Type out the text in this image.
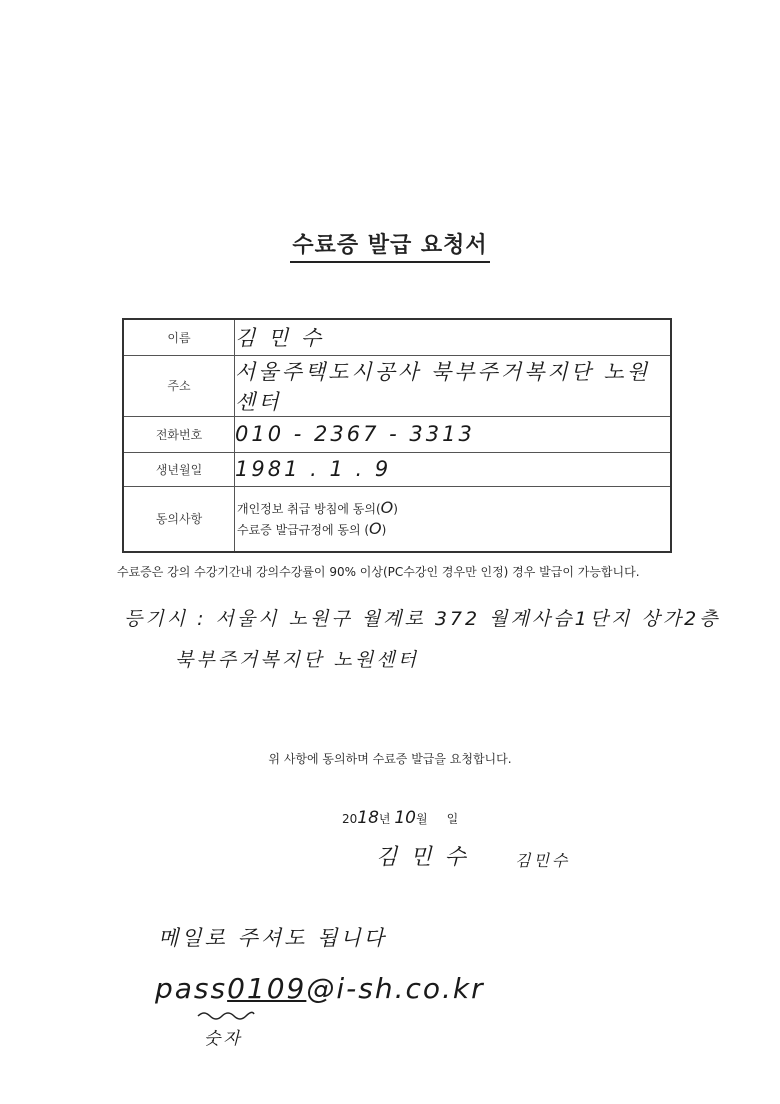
수료증 발급 요청서
이름	김 민 수
주소	서울주택도시공사 북부주거복지단 노원센터
전화번호	010 - 2367 - 3313
생년월일	1981 . 1 . 9
동의사항	개인정보 취급 방침에 동의(O)
수료증 발급규정에 동의 (O)
수료증은 강의 수강기간내 강의수강률이 90% 이상(PC수강인 경우만 인정) 경우 발급이 가능합니다.
등기시 : 서울시 노원구 월계로 372 월계사슴1단지 상가2층
북부주거복지단 노원센터
위 사항에 동의하며 수료증 발급을 요청합니다.
2018년 10월 일
김 민 수	김민수
메일로 주셔도 됩니다
pass0109@i-sh.co.kr
숫자
